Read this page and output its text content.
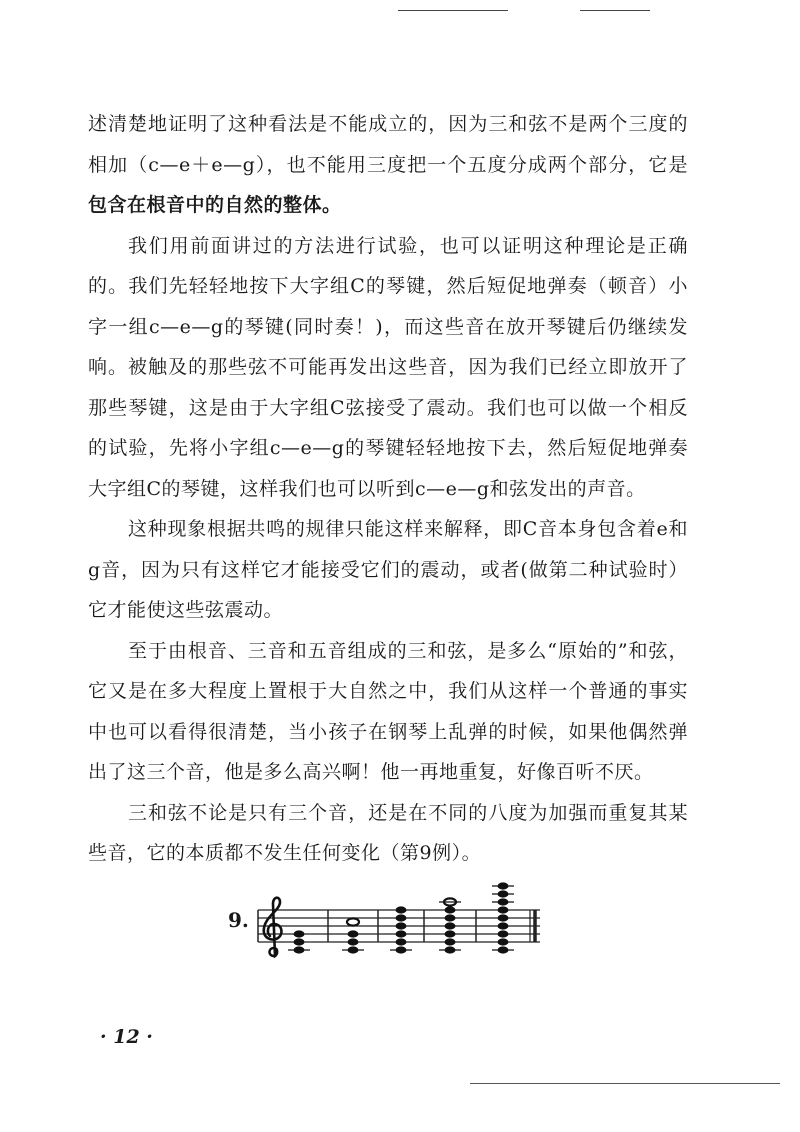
述清楚地证明了这种看法是不能成立的，因为三和弦不是两个三度的相加（c—e＋e—g），也不能用三度把一个五度分成两个部分，它是包含在根音中的自然的整体。

我们用前面讲过的方法进行试验，也可以证明这种理论是正确的。我们先轻轻地按下大字组C的琴键，然后短促地弹奏（顿音）小字一组c—e—g的琴键(同时奏！)，而这些音在放开琴键后仍继续发响。被触及的那些弦不可能再发出这些音，因为我们已经立即放开了那些琴键，这是由于大字组C弦接受了震动。我们也可以做一个相反的试验，先将小字组c—e—g的琴键轻轻地按下去，然后短促地弹奏大字组C的琴键，这样我们也可以听到c—e—g和弦发出的声音。

这种现象根据共鸣的规律只能这样来解释，即C音本身包含着e和g音，因为只有这样它才能接受它们的震动，或者(做第二种试验时）它才能使这些弦震动。

至于由根音、三音和五音组成的三和弦，是多么“原始的”和弦，它又是在多大程度上置根于大自然之中，我们从这样一个普通的事实中也可以看得很清楚，当小孩子在钢琴上乱弹的时候，如果他偶然弹出了这三个音，他是多么高兴啊！他一再地重复，好像百听不厌。

三和弦不论是只有三个音，还是在不同的八度为加强而重复其某些音，它的本质都不发生任何变化（第9例）。

9.
· 12 ·
